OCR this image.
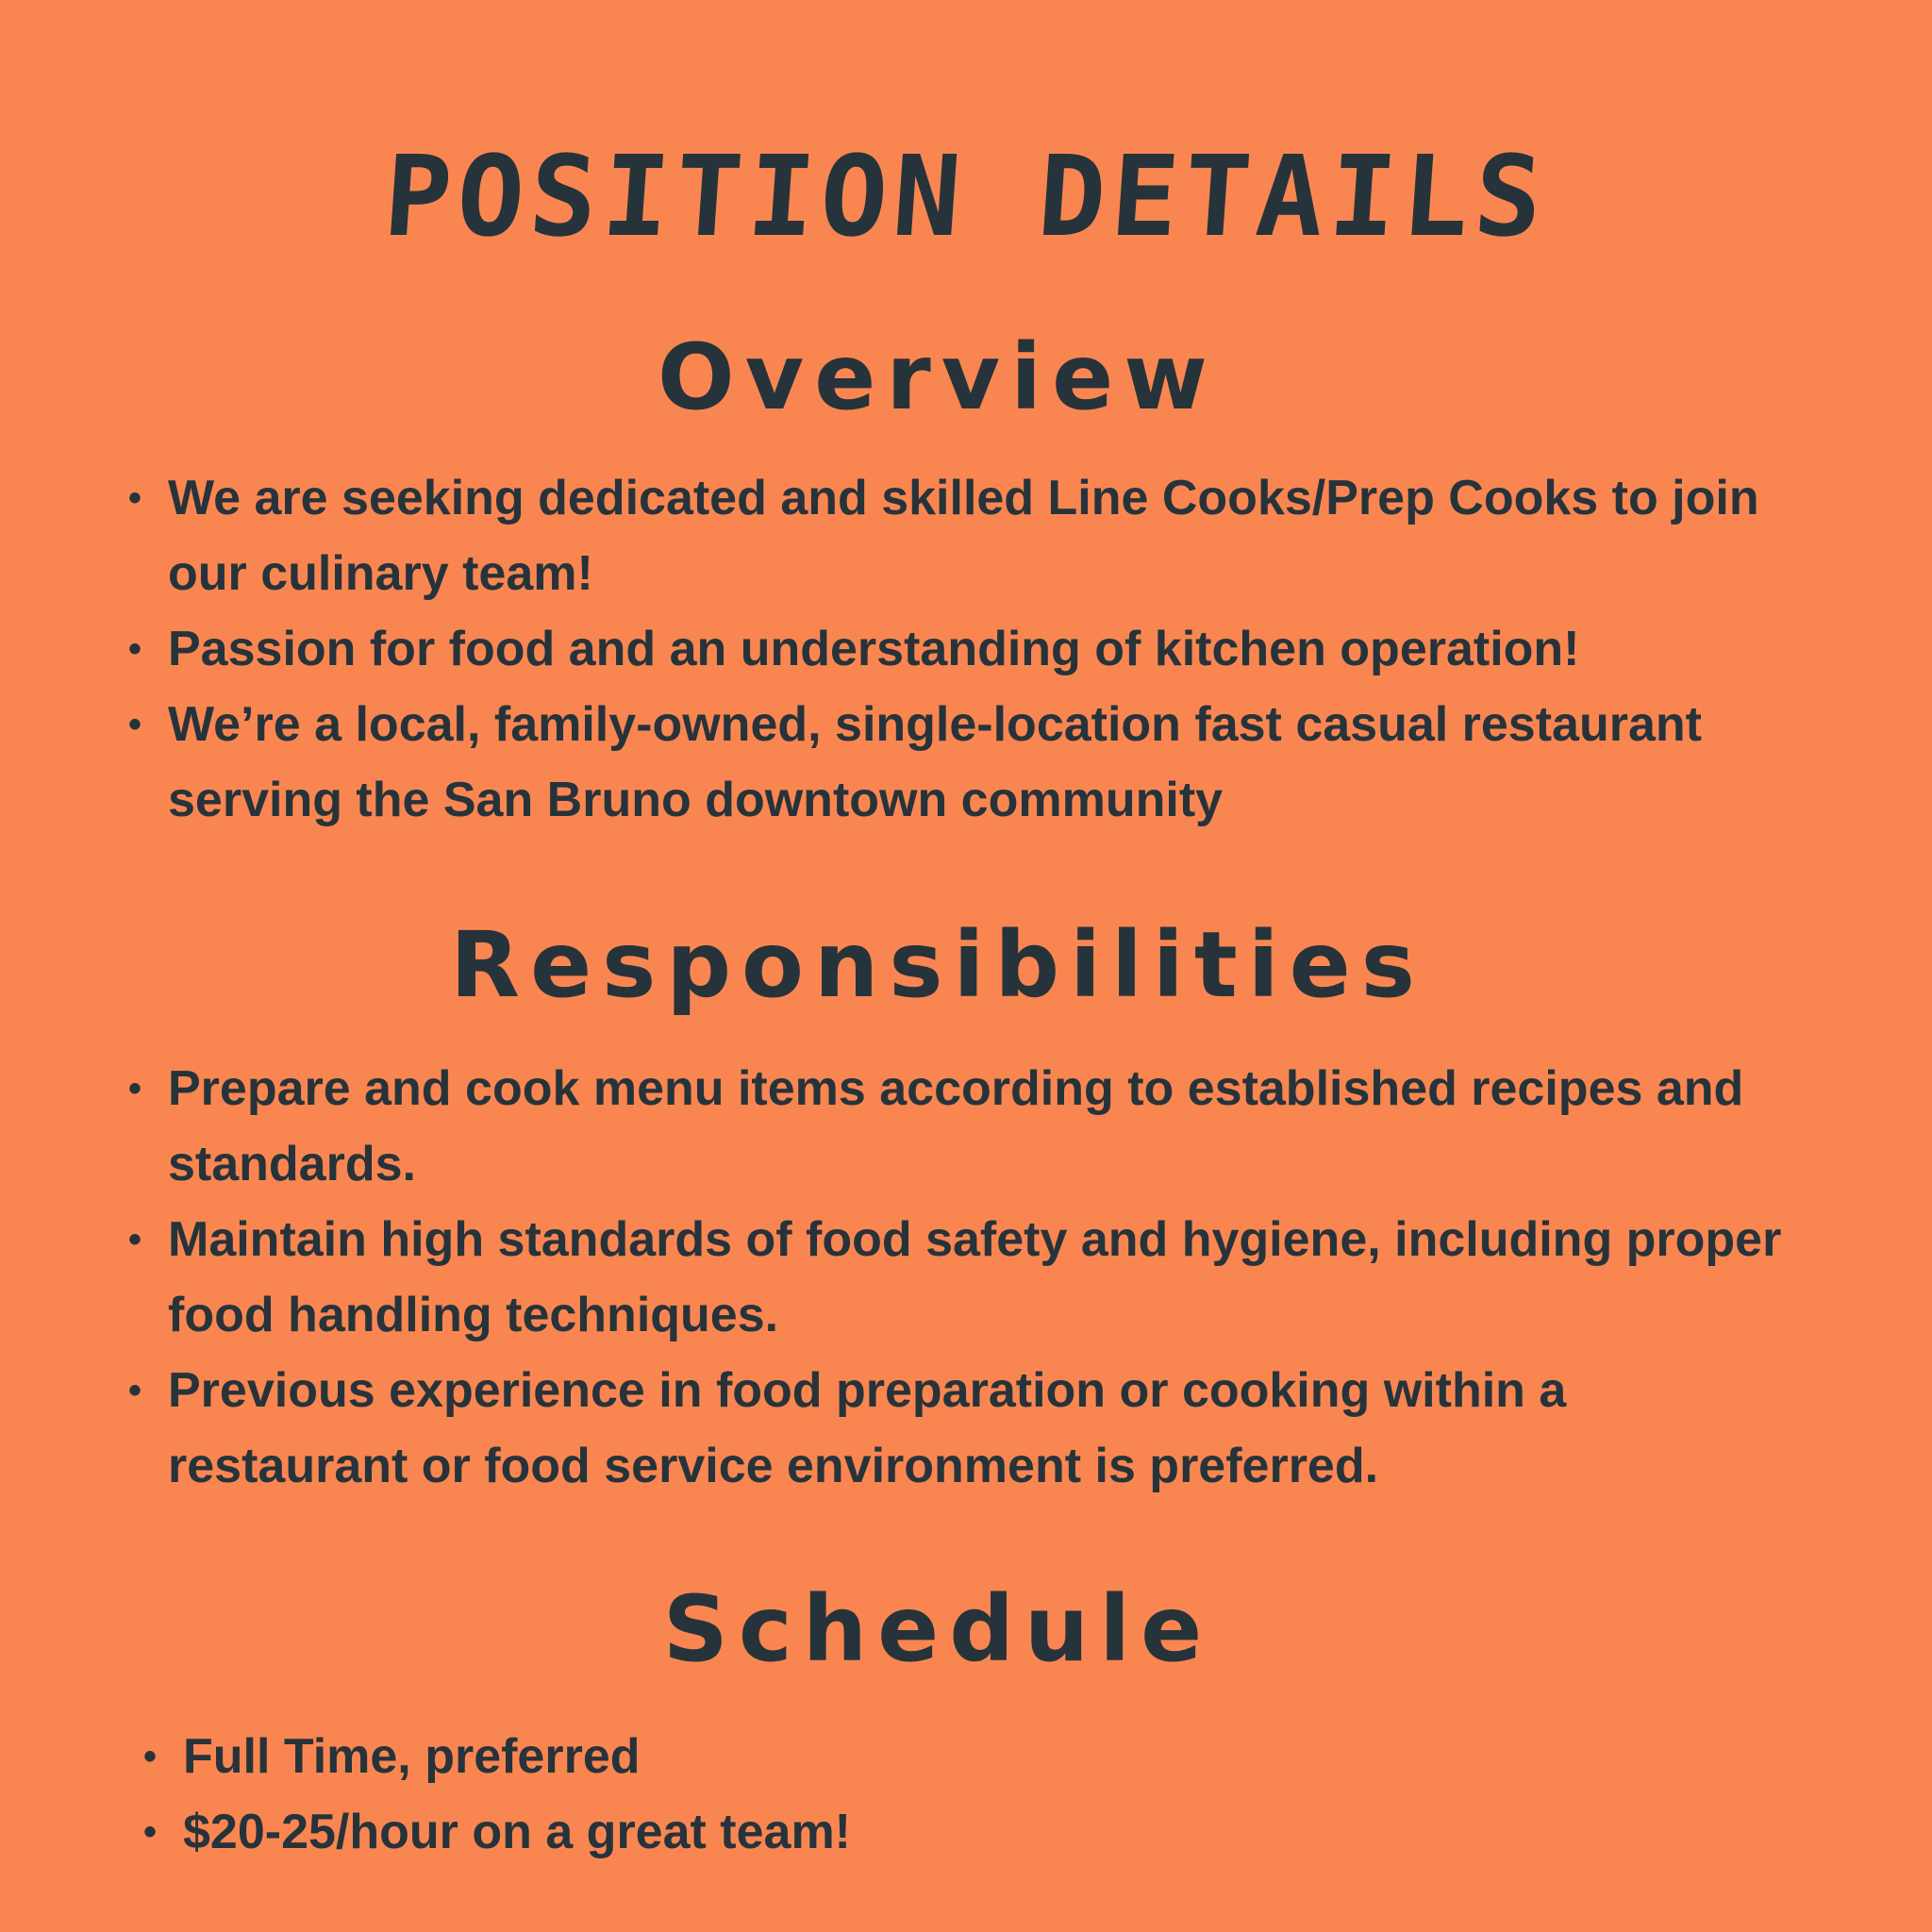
POSITION DETAILS
Overview
• We are seeking dedicated and skilled Line Cooks/Prep Cooks to join our culinary team!
• Passion for food and an understanding of kitchen operation!
• We’re a local, family-owned, single-location fast casual restaurant serving the San Bruno downtown community
Responsibilities
• Prepare and cook menu items according to established recipes and standards.
• Maintain high standards of food safety and hygiene, including proper food handling techniques.
• Previous experience in food preparation or cooking within a restaurant or food service environment is preferred.
Schedule
• Full Time, preferred
• $20-25/hour on a great team!
